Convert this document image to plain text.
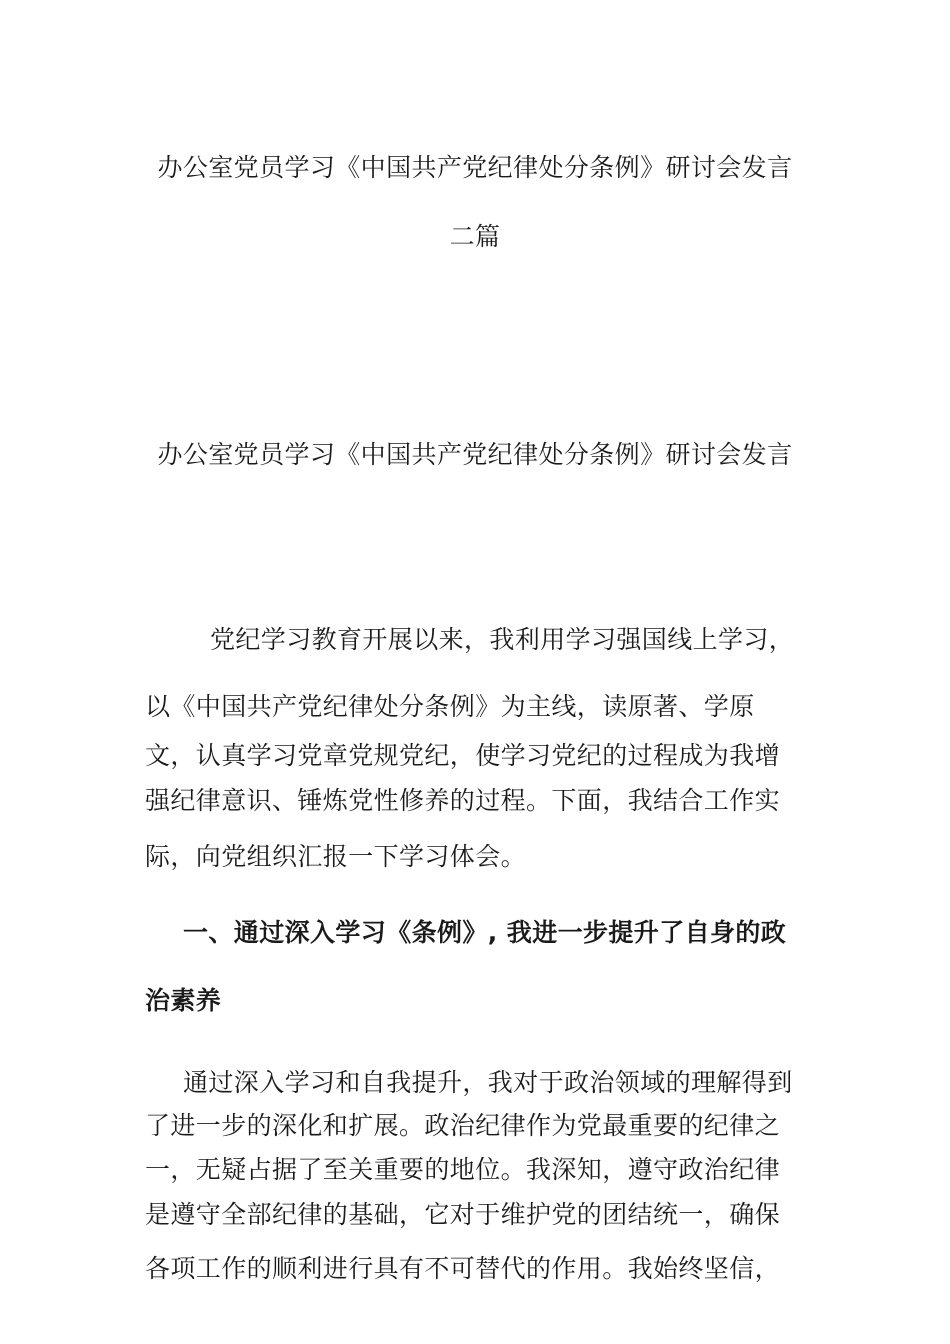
办公室党员学习《中国共产党纪律处分条例》研讨会发言
二篇
办公室党员学习《中国共产党纪律处分条例》研讨会发言
党纪学习教育开展以来，我利用学习强国线上学习，
以《中国共产党纪律处分条例》为主线，读原著、学原
文，认真学习党章党规党纪，使学习党纪的过程成为我增
强纪律意识、锤炼党性修养的过程。下面，我结合工作实
际，向党组织汇报一下学习体会。
一、通过深入学习《条例》, 我进一步提升了自身的政
治素养
通过深入学习和自我提升，我对于政治领域的理解得到
了进一步的深化和扩展。政治纪律作为党最重要的纪律之
一，无疑占据了至关重要的地位。我深知，遵守政治纪律
是遵守全部纪律的基础，它对于维护党的团结统一，确保
各项工作的顺利进行具有不可替代的作用。我始终坚信，
